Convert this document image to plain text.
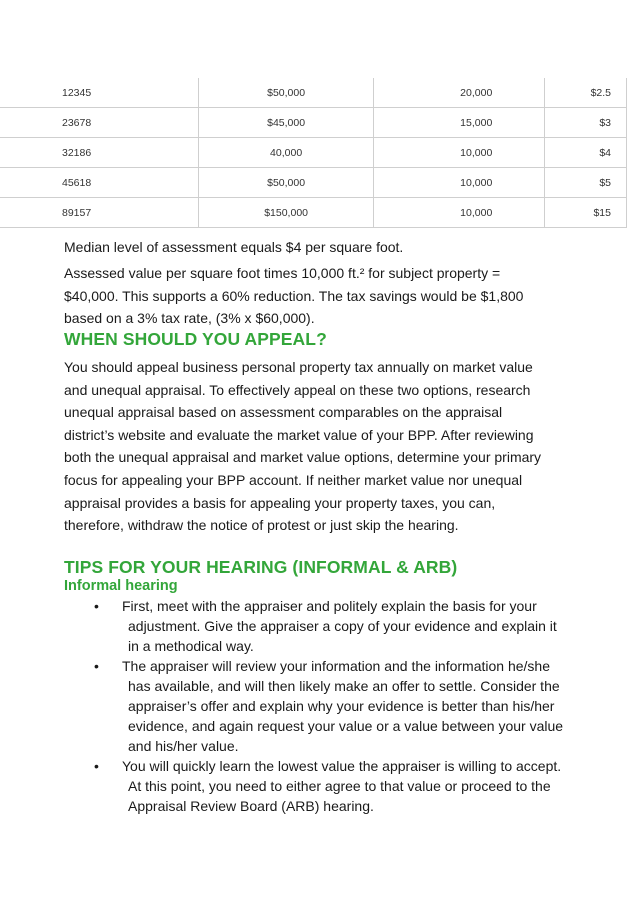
12345	$50,000	20,000	$2.5
23678	$45,000	15,000	$3
32186	40,000	10,000	$4
45618	$50,000	10,000	$5
89157	$150,000	10,000	$15

Median level of assessment equals $4 per square foot.

Assessed value per square foot times 10,000 ft.² for subject property = $40,000. This supports a 60% reduction. The tax savings would be $1,800 based on a 3% tax rate, (3% x $60,000).

WHEN SHOULD YOU APPEAL?

You should appeal business personal property tax annually on market value and unequal appraisal. To effectively appeal on these two options, research unequal appraisal based on assessment comparables on the appraisal district’s website and evaluate the market value of your BPP. After reviewing both the unequal appraisal and market value options, determine your primary focus for appealing your BPP account. If neither market value nor unequal appraisal provides a basis for appealing your property taxes, you can, therefore, withdraw the notice of protest or just skip the hearing.

TIPS FOR YOUR HEARING (INFORMAL & ARB)
Informal hearing
• First, meet with the appraiser and politely explain the basis for your adjustment. Give the appraiser a copy of your evidence and explain it in a methodical way.
• The appraiser will review your information and the information he/she has available, and will then likely make an offer to settle. Consider the appraiser’s offer and explain why your evidence is better than his/her evidence, and again request your value or a value between your value and his/her value.
• You will quickly learn the lowest value the appraiser is willing to accept. At this point, you need to either agree to that value or proceed to the Appraisal Review Board (ARB) hearing.
